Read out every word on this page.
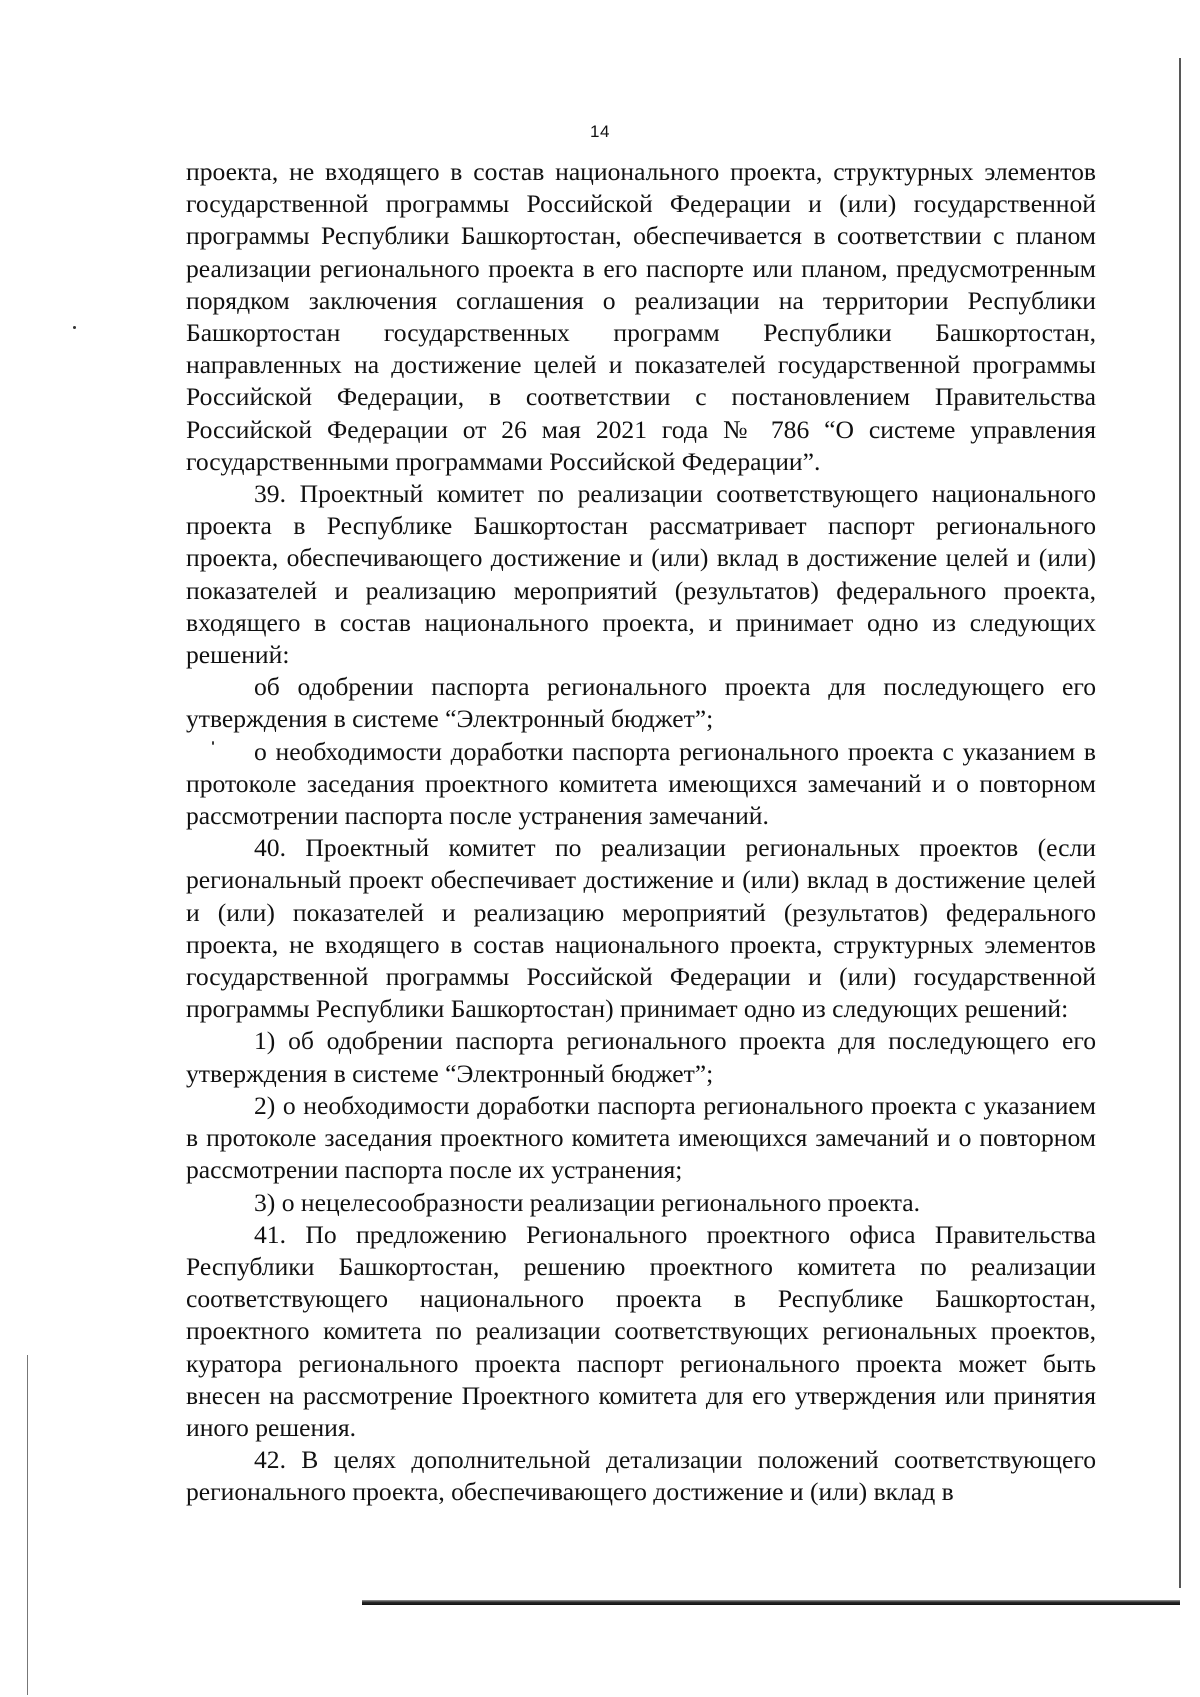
14

проекта, не входящего в состав национального проекта, структурных элементов государственной программы Российской Федерации и (или) государственной программы Республики Башкортостан, обеспечивается в соответствии с планом реализации регионального проекта в его паспорте или планом, предусмотренным порядком заключения соглашения о реализации на территории Республики Башкортостан государственных программ Республики Башкортостан, направленных на достижение целей и показателей государственной программы Российской Федерации, в соответствии с постановлением Правительства Российской Федерации от 26 мая 2021 года № 786 “О системе управления государственными программами Российской Федерации”.

39. Проектный комитет по реализации соответствующего национального проекта в Республике Башкортостан рассматривает паспорт регионального проекта, обеспечивающего достижение и (или) вклад в достижение целей и (или) показателей и реализацию мероприятий (результатов) федерального проекта, входящего в состав национального проекта, и принимает одно из следующих решений:

об одобрении паспорта регионального проекта для последующего его утверждения в системе “Электронный бюджет”;

о необходимости доработки паспорта регионального проекта с указанием в протоколе заседания проектного комитета имеющихся замечаний и о повторном рассмотрении паспорта после устранения замечаний.

40. Проектный комитет по реализации региональных проектов (если региональный проект обеспечивает достижение и (или) вклад в достижение целей и (или) показателей и реализацию мероприятий (результатов) федерального проекта, не входящего в состав национального проекта, структурных элементов государственной программы Российской Федерации и (или) государственной программы Республики Башкортостан) принимает одно из следующих решений:

1) об одобрении паспорта регионального проекта для последующего его утверждения в системе “Электронный бюджет”;

2) о необходимости доработки паспорта регионального проекта с указанием в протоколе заседания проектного комитета имеющихся замечаний и о повторном рассмотрении паспорта после их устранения;

3) о нецелесообразности реализации регионального проекта.

41. По предложению Регионального проектного офиса Правительства Республики Башкортостан, решению проектного комитета по реализации соответствующего национального проекта в Республике Башкортостан, проектного комитета по реализации соответствующих региональных проектов, куратора регионального проекта паспорт регионального проекта может быть внесен на рассмотрение Проектного комитета для его утверждения или принятия иного решения.

42. В целях дополнительной детализации положений соответствующего регионального проекта, обеспечивающего достижение и (или) вклад в
